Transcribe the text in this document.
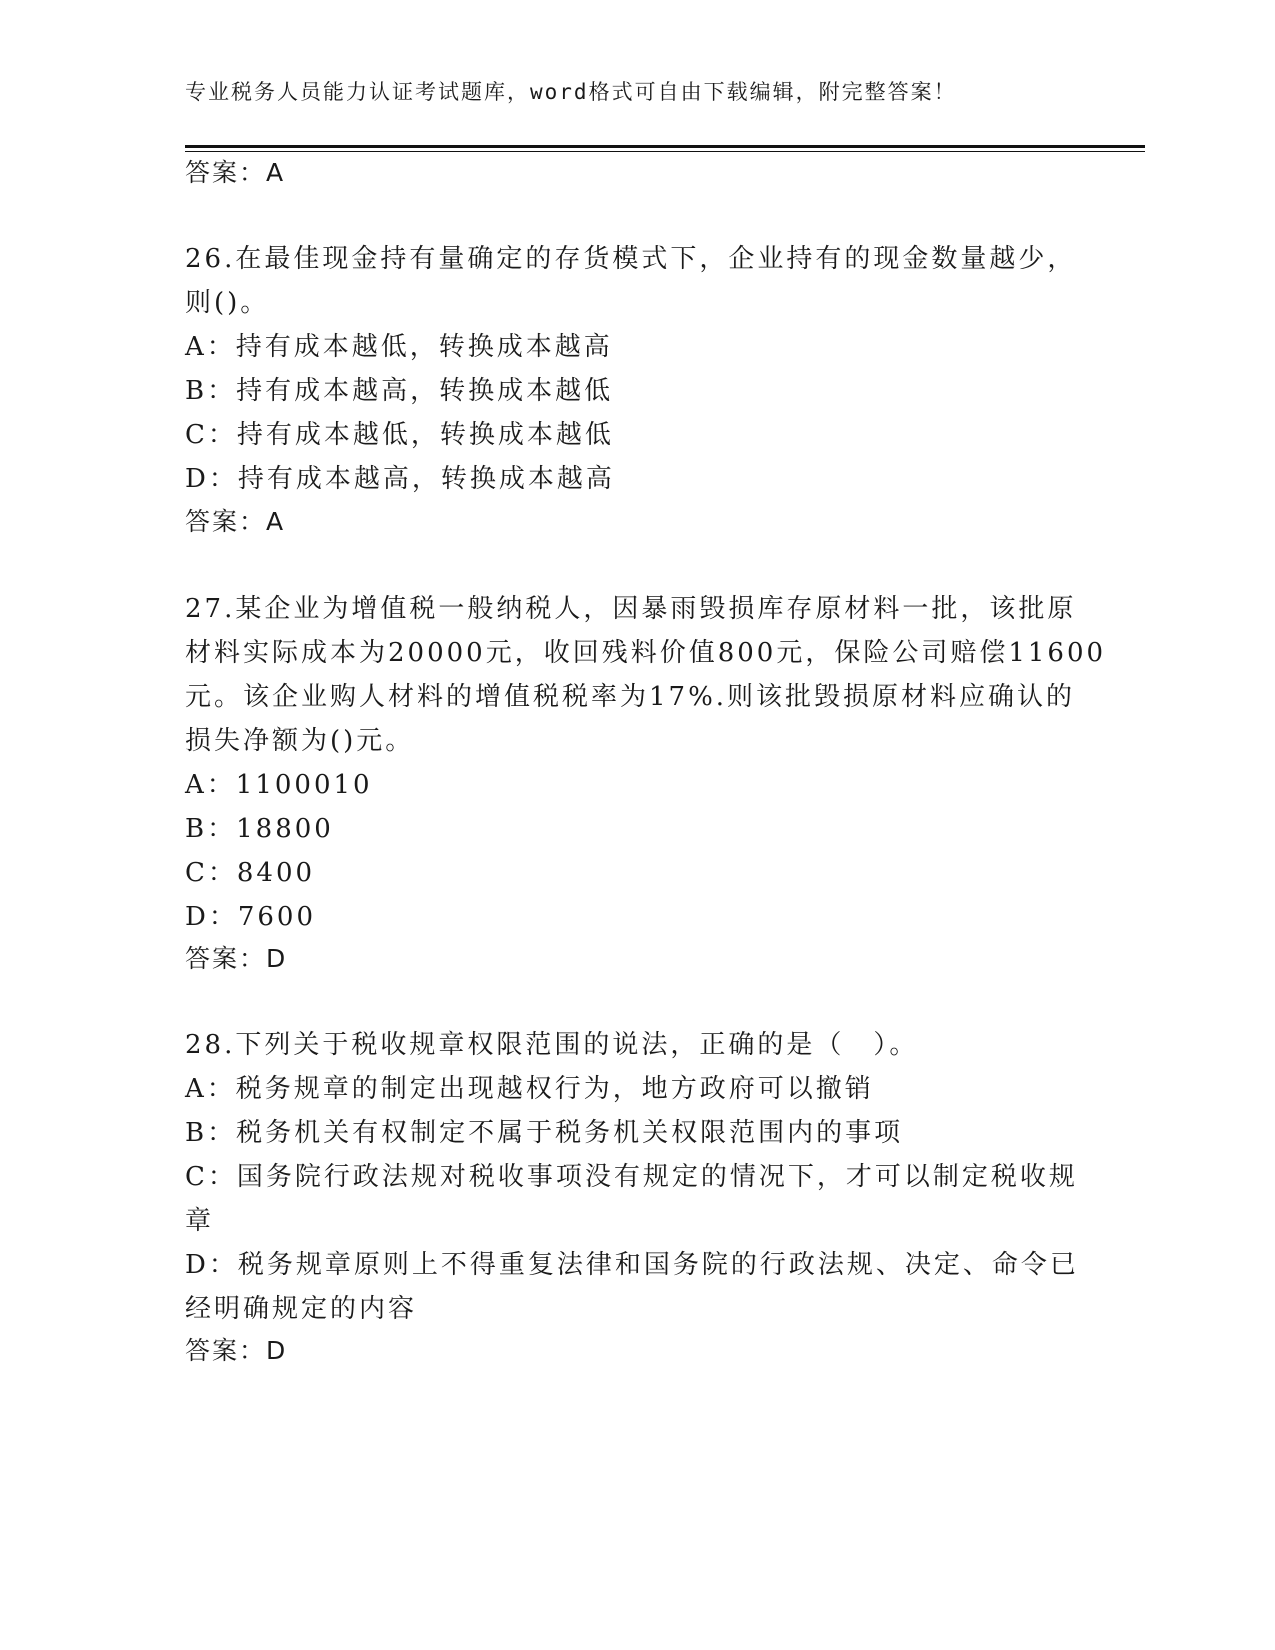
专业税务人员能力认证考试题库，word格式可自由下载编辑，附完整答案！
答案：A
26.在最佳现金持有量确定的存货模式下，企业持有的现金数量越少，
则()。
A：持有成本越低，转换成本越高
B：持有成本越高，转换成本越低
C：持有成本越低，转换成本越低
D：持有成本越高，转换成本越高
答案：A
27.某企业为增值税一般纳税人，因暴雨毁损库存原材料一批，该批原
材料实际成本为20000元，收回残料价值800元，保险公司赔偿11600
元。该企业购人材料的增值税税率为17%.则该批毁损原材料应确认的
损失净额为()元。
A：1100010
B：18800
C：8400
D：7600
答案：D
28.下列关于税收规章权限范围的说法，正确的是（　）。
A：税务规章的制定出现越权行为，地方政府可以撤销
B：税务机关有权制定不属于税务机关权限范围内的事项
C：国务院行政法规对税收事项没有规定的情况下，才可以制定税收规
章
D：税务规章原则上不得重复法律和国务院的行政法规、决定、命令已
经明确规定的内容
答案：D
